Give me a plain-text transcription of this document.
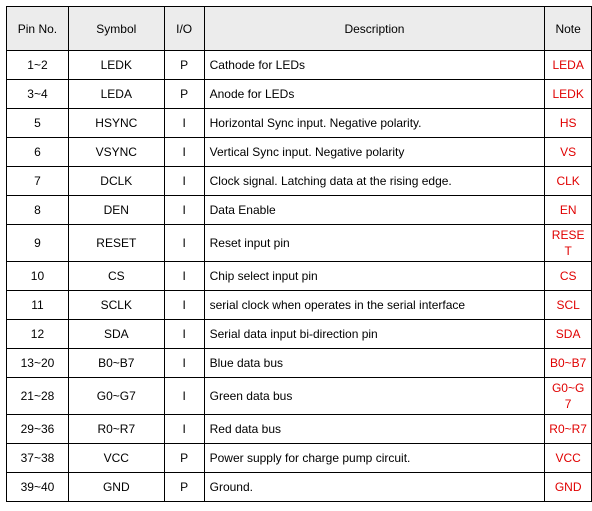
Pin No.	Symbol	I/O	Description	Note
1~2	LEDK	P	Cathode for LEDs	LEDA
3~4	LEDA	P	Anode for LEDs	LEDK
5	HSYNC	I	Horizontal Sync input. Negative polarity.	HS
6	VSYNC	I	Vertical Sync input. Negative polarity	VS
7	DCLK	I	Clock signal. Latching data at the rising edge.	CLK
8	DEN	I	Data Enable	EN
9	RESET	I	Reset input pin	RESET
10	CS	I	Chip select input pin	CS
11	SCLK	I	serial clock when operates in the serial interface	SCL
12	SDA	I	Serial data input bi-direction pin	SDA
13~20	B0~B7	I	Blue data bus	B0~B7
21~28	G0~G7	I	Green data bus	G0~G7
29~36	R0~R7	I	Red data bus	R0~R7
37~38	VCC	P	Power supply for charge pump circuit.	VCC
39~40	GND	P	Ground.	GND
